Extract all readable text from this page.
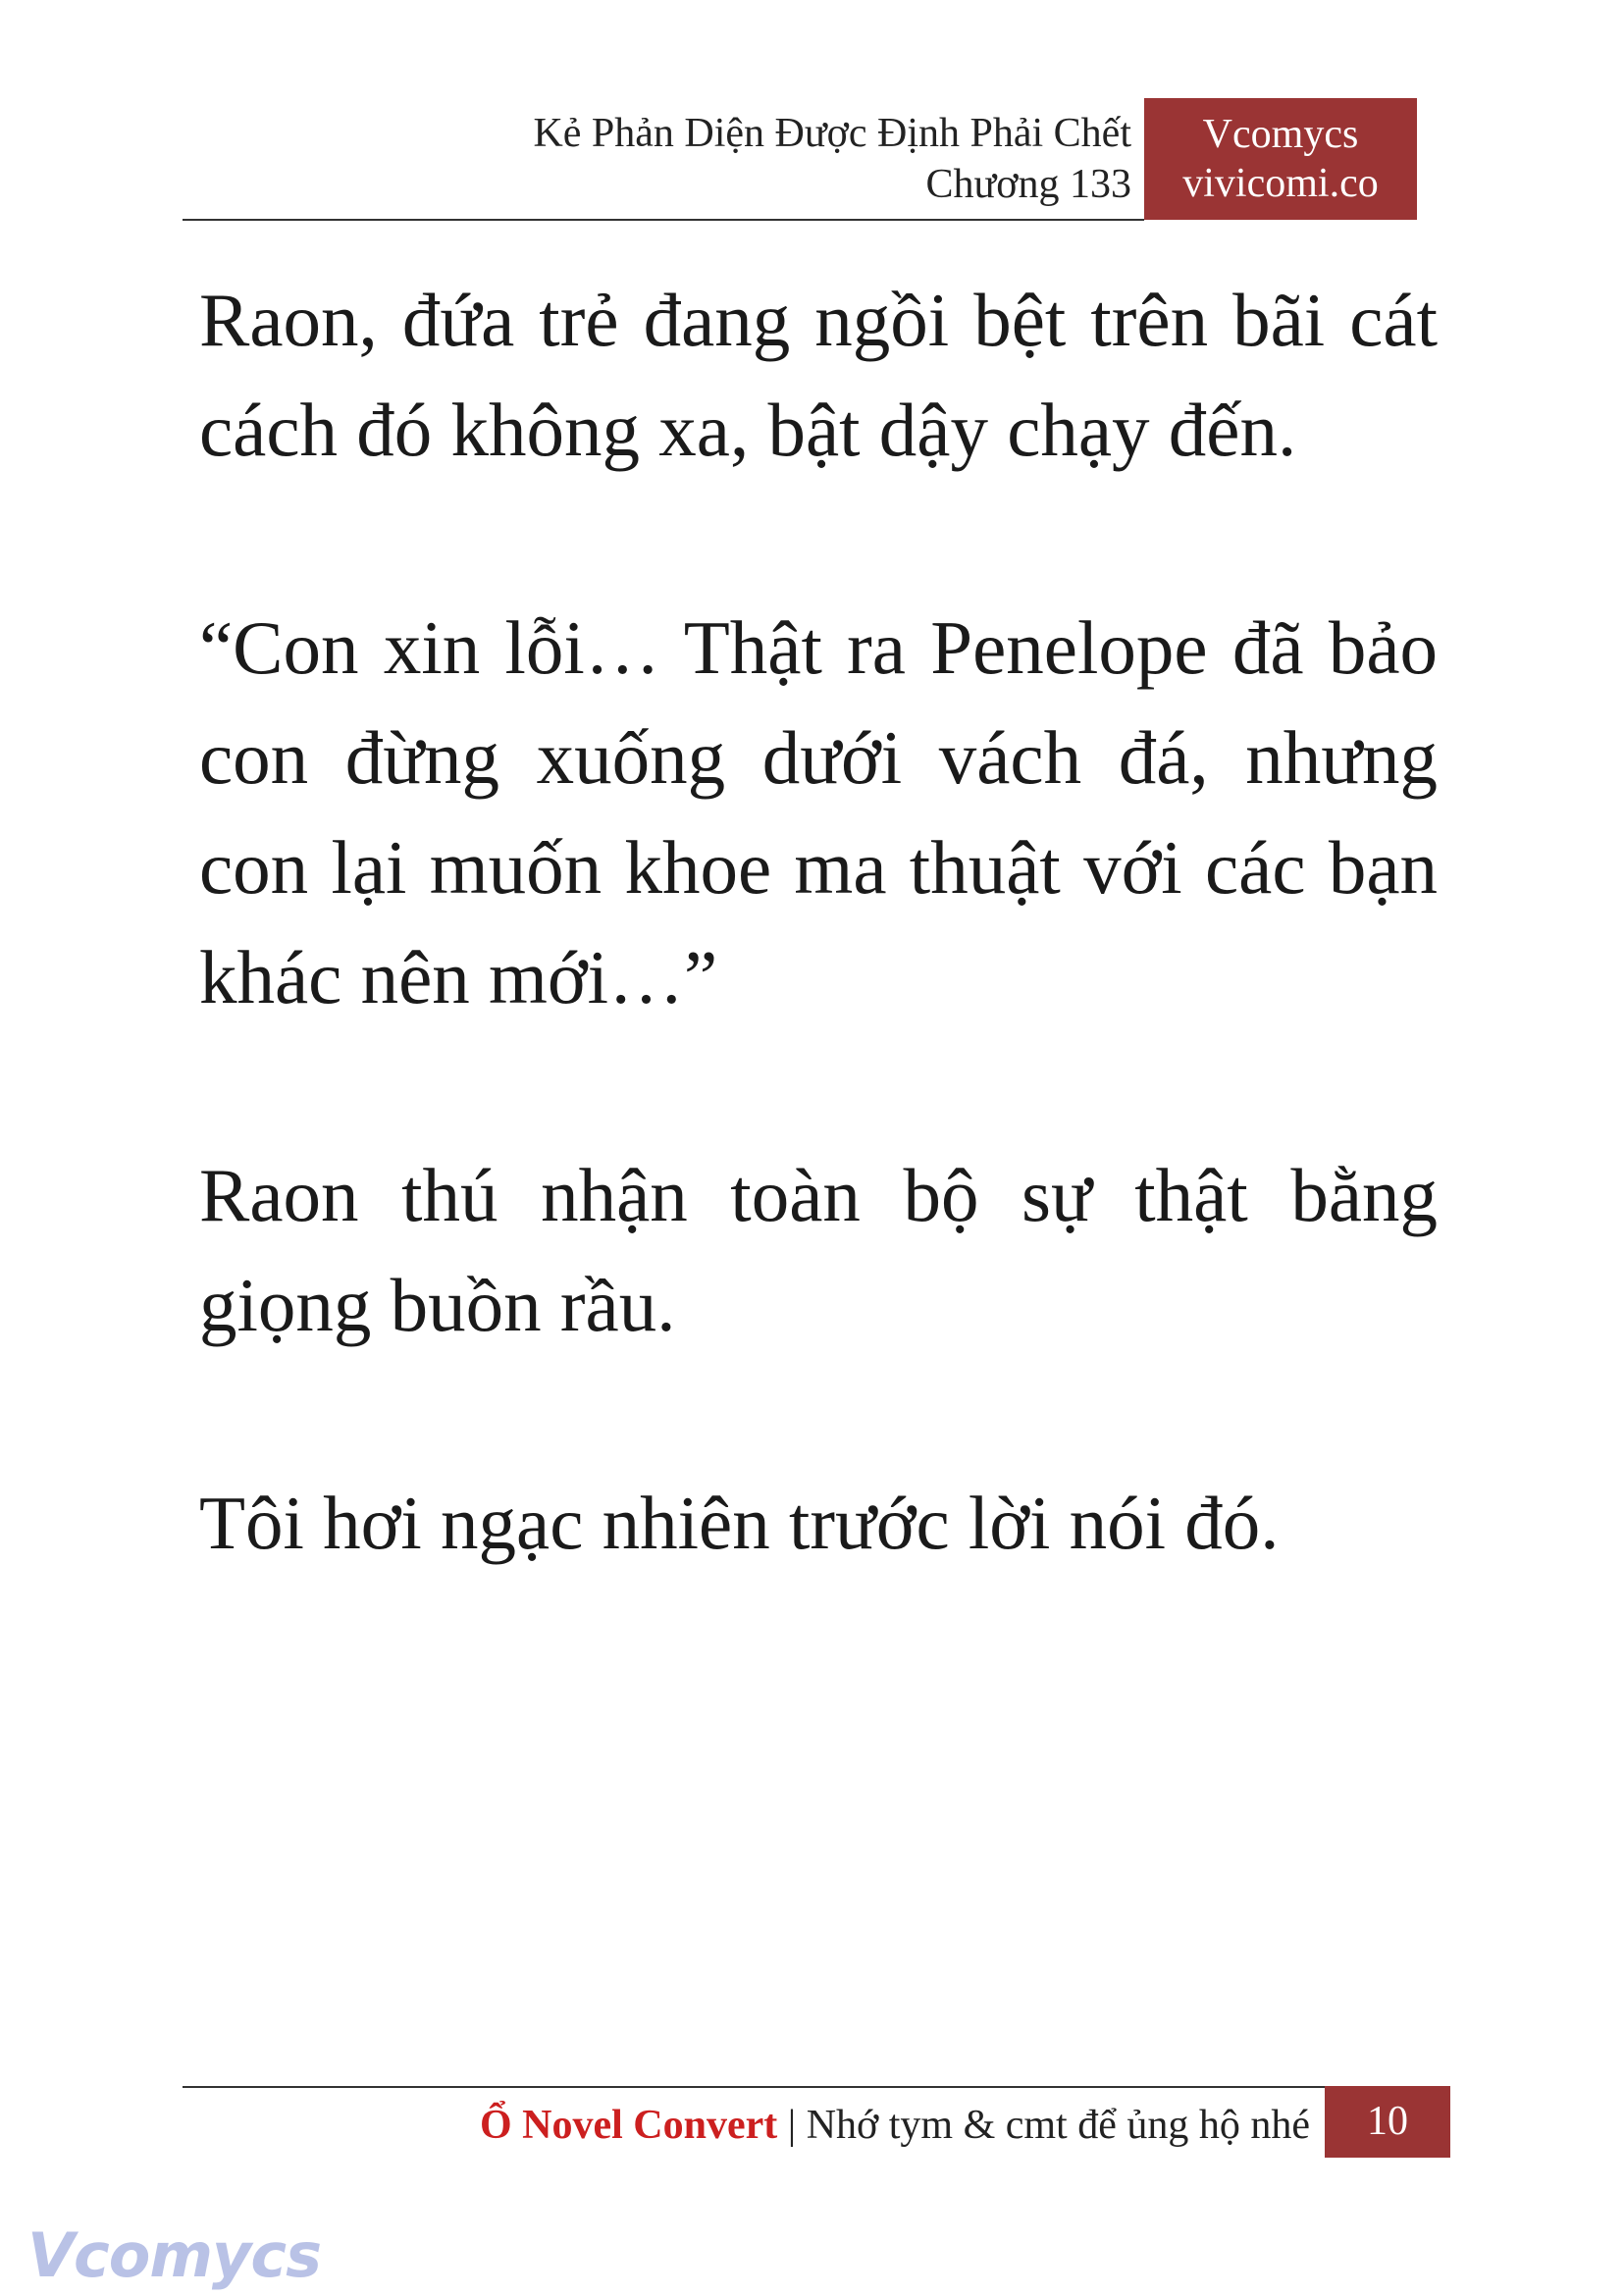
Kẻ Phản Diện Được Định Phải Chết
Chương 133
Vcomycs
vivicomi.co

Raon, đứa trẻ đang ngồi bệt trên bãi cát cách đó không xa, bật dậy chạy đến.

“Con xin lỗi… Thật ra Penelope đã bảo con đừng xuống dưới vách đá, nhưng con lại muốn khoe ma thuật với các bạn khác nên mới…”

Raon thú nhận toàn bộ sự thật bằng giọng buồn rầu.

Tôi hơi ngạc nhiên trước lời nói đó.

Ổ Novel Convert | Nhớ tym & cmt để ủng hộ nhé	10
Vcomycs
